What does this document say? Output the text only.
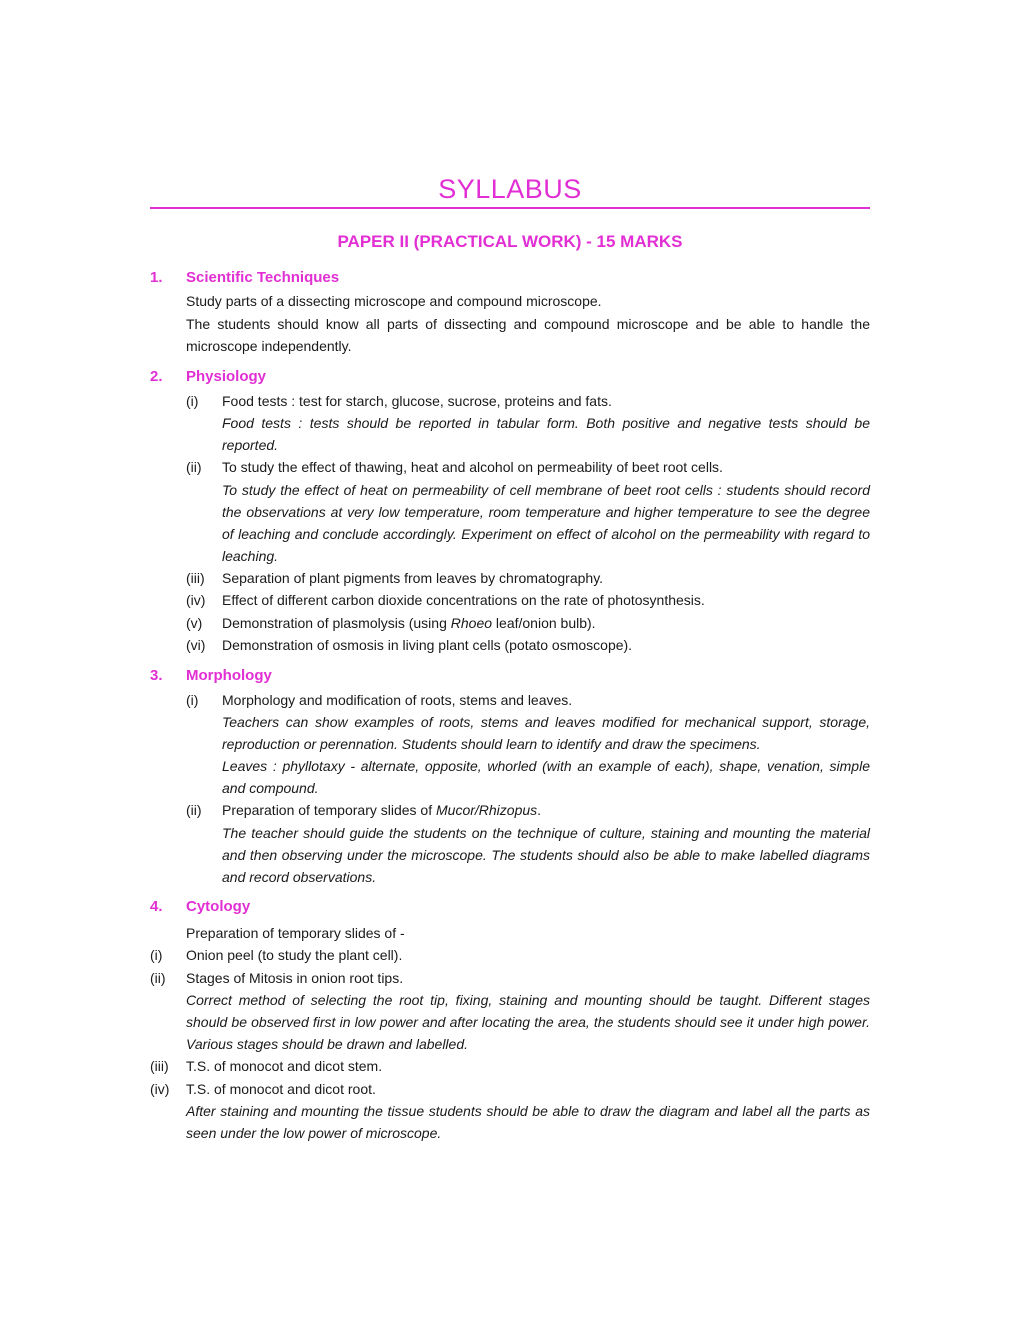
SYLLABUS
PAPER II (PRACTICAL WORK) - 15 MARKS
1.	Scientific Techniques
Study parts of a dissecting microscope and compound microscope.
The students should know all parts of dissecting and compound microscope and be able to handle the microscope independently.
2.	Physiology
(i)	Food tests : test for starch, glucose, sucrose, proteins and fats.
Food tests : tests should be reported in tabular form. Both positive and negative tests should be reported.
(ii)	To study the effect of thawing, heat and alcohol on permeability of beet root cells.
To study the effect of heat on permeability of cell membrane of beet root cells : students should record the observations at very low temperature, room temperature and higher temperature to see the degree of leaching and conclude accordingly. Experiment on effect of alcohol on the permeability with regard to leaching.
(iii)	Separation of plant pigments from leaves by chromatography.
(iv)	Effect of different carbon dioxide concentrations on the rate of photosynthesis.
(v)	Demonstration of plasmolysis (using Rhoeo leaf/onion bulb).
(vi)	Demonstration of osmosis in living plant cells (potato osmoscope).
3.	Morphology
(i)	Morphology and modification of roots, stems and leaves.
Teachers can show examples of roots, stems and leaves modified for mechanical support, storage, reproduction or perennation. Students should learn to identify and draw the specimens.
Leaves : phyllotaxy - alternate, opposite, whorled (with an example of each), shape, venation, simple and compound.
(ii)	Preparation of temporary slides of Mucor/Rhizopus.
The teacher should guide the students on the technique of culture, staining and mounting the material and then observing under the microscope. The students should also be able to make labelled diagrams and record observations.
4.	Cytology
Preparation of temporary slides of -
(i)	Onion peel (to study the plant cell).
(ii)	Stages of Mitosis in onion root tips.
Correct method of selecting the root tip, fixing, staining and mounting should be taught. Different stages should be observed first in low power and after locating the area, the students should see it under high power. Various stages should be drawn and labelled.
(iii)	T.S. of monocot and dicot stem.
(iv)	T.S. of monocot and dicot root.
After staining and mounting the tissue students should be able to draw the diagram and label all the parts as seen under the low power of microscope.
